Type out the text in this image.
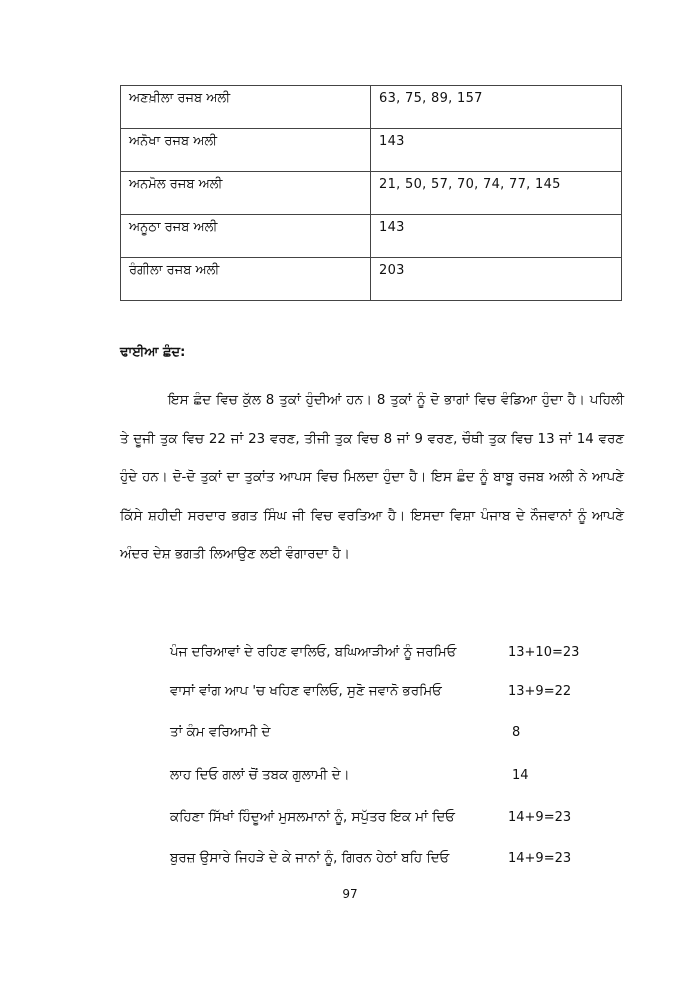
ਅਣਖ਼ੀਲਾ ਰਜਬ ਅਲੀ	63, 75, 89, 157
ਅਨੋਖਾ ਰਜਬ ਅਲੀ	143
ਅਨਮੋਲ ਰਜਬ ਅਲੀ	21, 50, 57, 70, 74, 77, 145
ਅਨੂਠਾ ਰਜਬ ਅਲੀ	143
ਰੰਗੀਲਾ ਰਜਬ ਅਲੀ	203
ਢਾਈਆ ਛੰਦ:
ਇਸ ਛੰਦ ਵਿਚ ਕੁੱਲ 8 ਤੁਕਾਂ ਹੁੰਦੀਆਂ ਹਨ। 8 ਤੁਕਾਂ ਨੂੰ ਦੋ ਭਾਗਾਂ ਵਿਚ ਵੰਡਿਆ ਹੁੰਦਾ ਹੈ। ਪਹਿਲੀ ਤੇ ਦੂਜੀ ਤੁਕ ਵਿਚ 22 ਜਾਂ 23 ਵਰਣ, ਤੀਜੀ ਤੁਕ ਵਿਚ 8 ਜਾਂ 9 ਵਰਣ, ਚੌਥੀ ਤੁਕ ਵਿਚ 13 ਜਾਂ 14 ਵਰਣ ਹੁੰਦੇ ਹਨ। ਦੋ-ਦੋ ਤੁਕਾਂ ਦਾ ਤੁਕਾਂਤ ਆਪਸ ਵਿਚ ਮਿਲਦਾ ਹੁੰਦਾ ਹੈ। ਇਸ ਛੰਦ ਨੂੰ ਬਾਬੂ ਰਜਬ ਅਲੀ ਨੇ ਆਪਣੇ ਕਿੱਸੇ ਸ਼ਹੀਦੀ ਸਰਦਾਰ ਭਗਤ ਸਿੰਘ ਜੀ ਵਿਚ ਵਰਤਿਆ ਹੈ। ਇਸਦਾ ਵਿਸ਼ਾ ਪੰਜਾਬ ਦੇ ਨੌਜਵਾਨਾਂ ਨੂੰ ਆਪਣੇ ਅੰਦਰ ਦੇਸ਼ ਭਗਤੀ ਲਿਆਉਣ ਲਈ ਵੰਗਾਰਦਾ ਹੈ।
ਪੰਜ ਦਰਿਆਵਾਂ ਦੇ ਰਹਿਣ ਵਾਲਿਓ, ਬਘਿਆੜੀਆਂ ਨੂੰ ਜਰਮਿਓ	13+10=23
ਵਾਸਾਂ ਵਾਂਗ ਆਪ 'ਚ ਖਹਿਣ ਵਾਲਿਓ, ਸੁਣੋ ਜਵਾਨੋ ਭਰਮਿਓ	13+9=22
ਤਾਂ ਕੰਮ ਵਰਿਆਮੀ ਦੇ	8
ਲਾਹ ਦਿਓ ਗਲਾਂ ਚੋਂ ਤਬਕ ਗੁਲਾਮੀ ਦੇ।	14
ਕਹਿਣਾ ਸਿੱਖਾਂ ਹਿੰਦੂਆਂ ਮੁਸਲਮਾਨਾਂ ਨੂੰ, ਸਪੁੱਤਰ ਇਕ ਮਾਂ ਦਿਓ	14+9=23
ਬੁਰਜ਼ ਉਸਾਰੇ ਜਿਹੜੇ ਦੇ ਕੇ ਜਾਨਾਂ ਨੂੰ, ਗਿਰਨ ਹੇਠਾਂ ਬਹਿ ਦਿਓ	14+9=23
97
